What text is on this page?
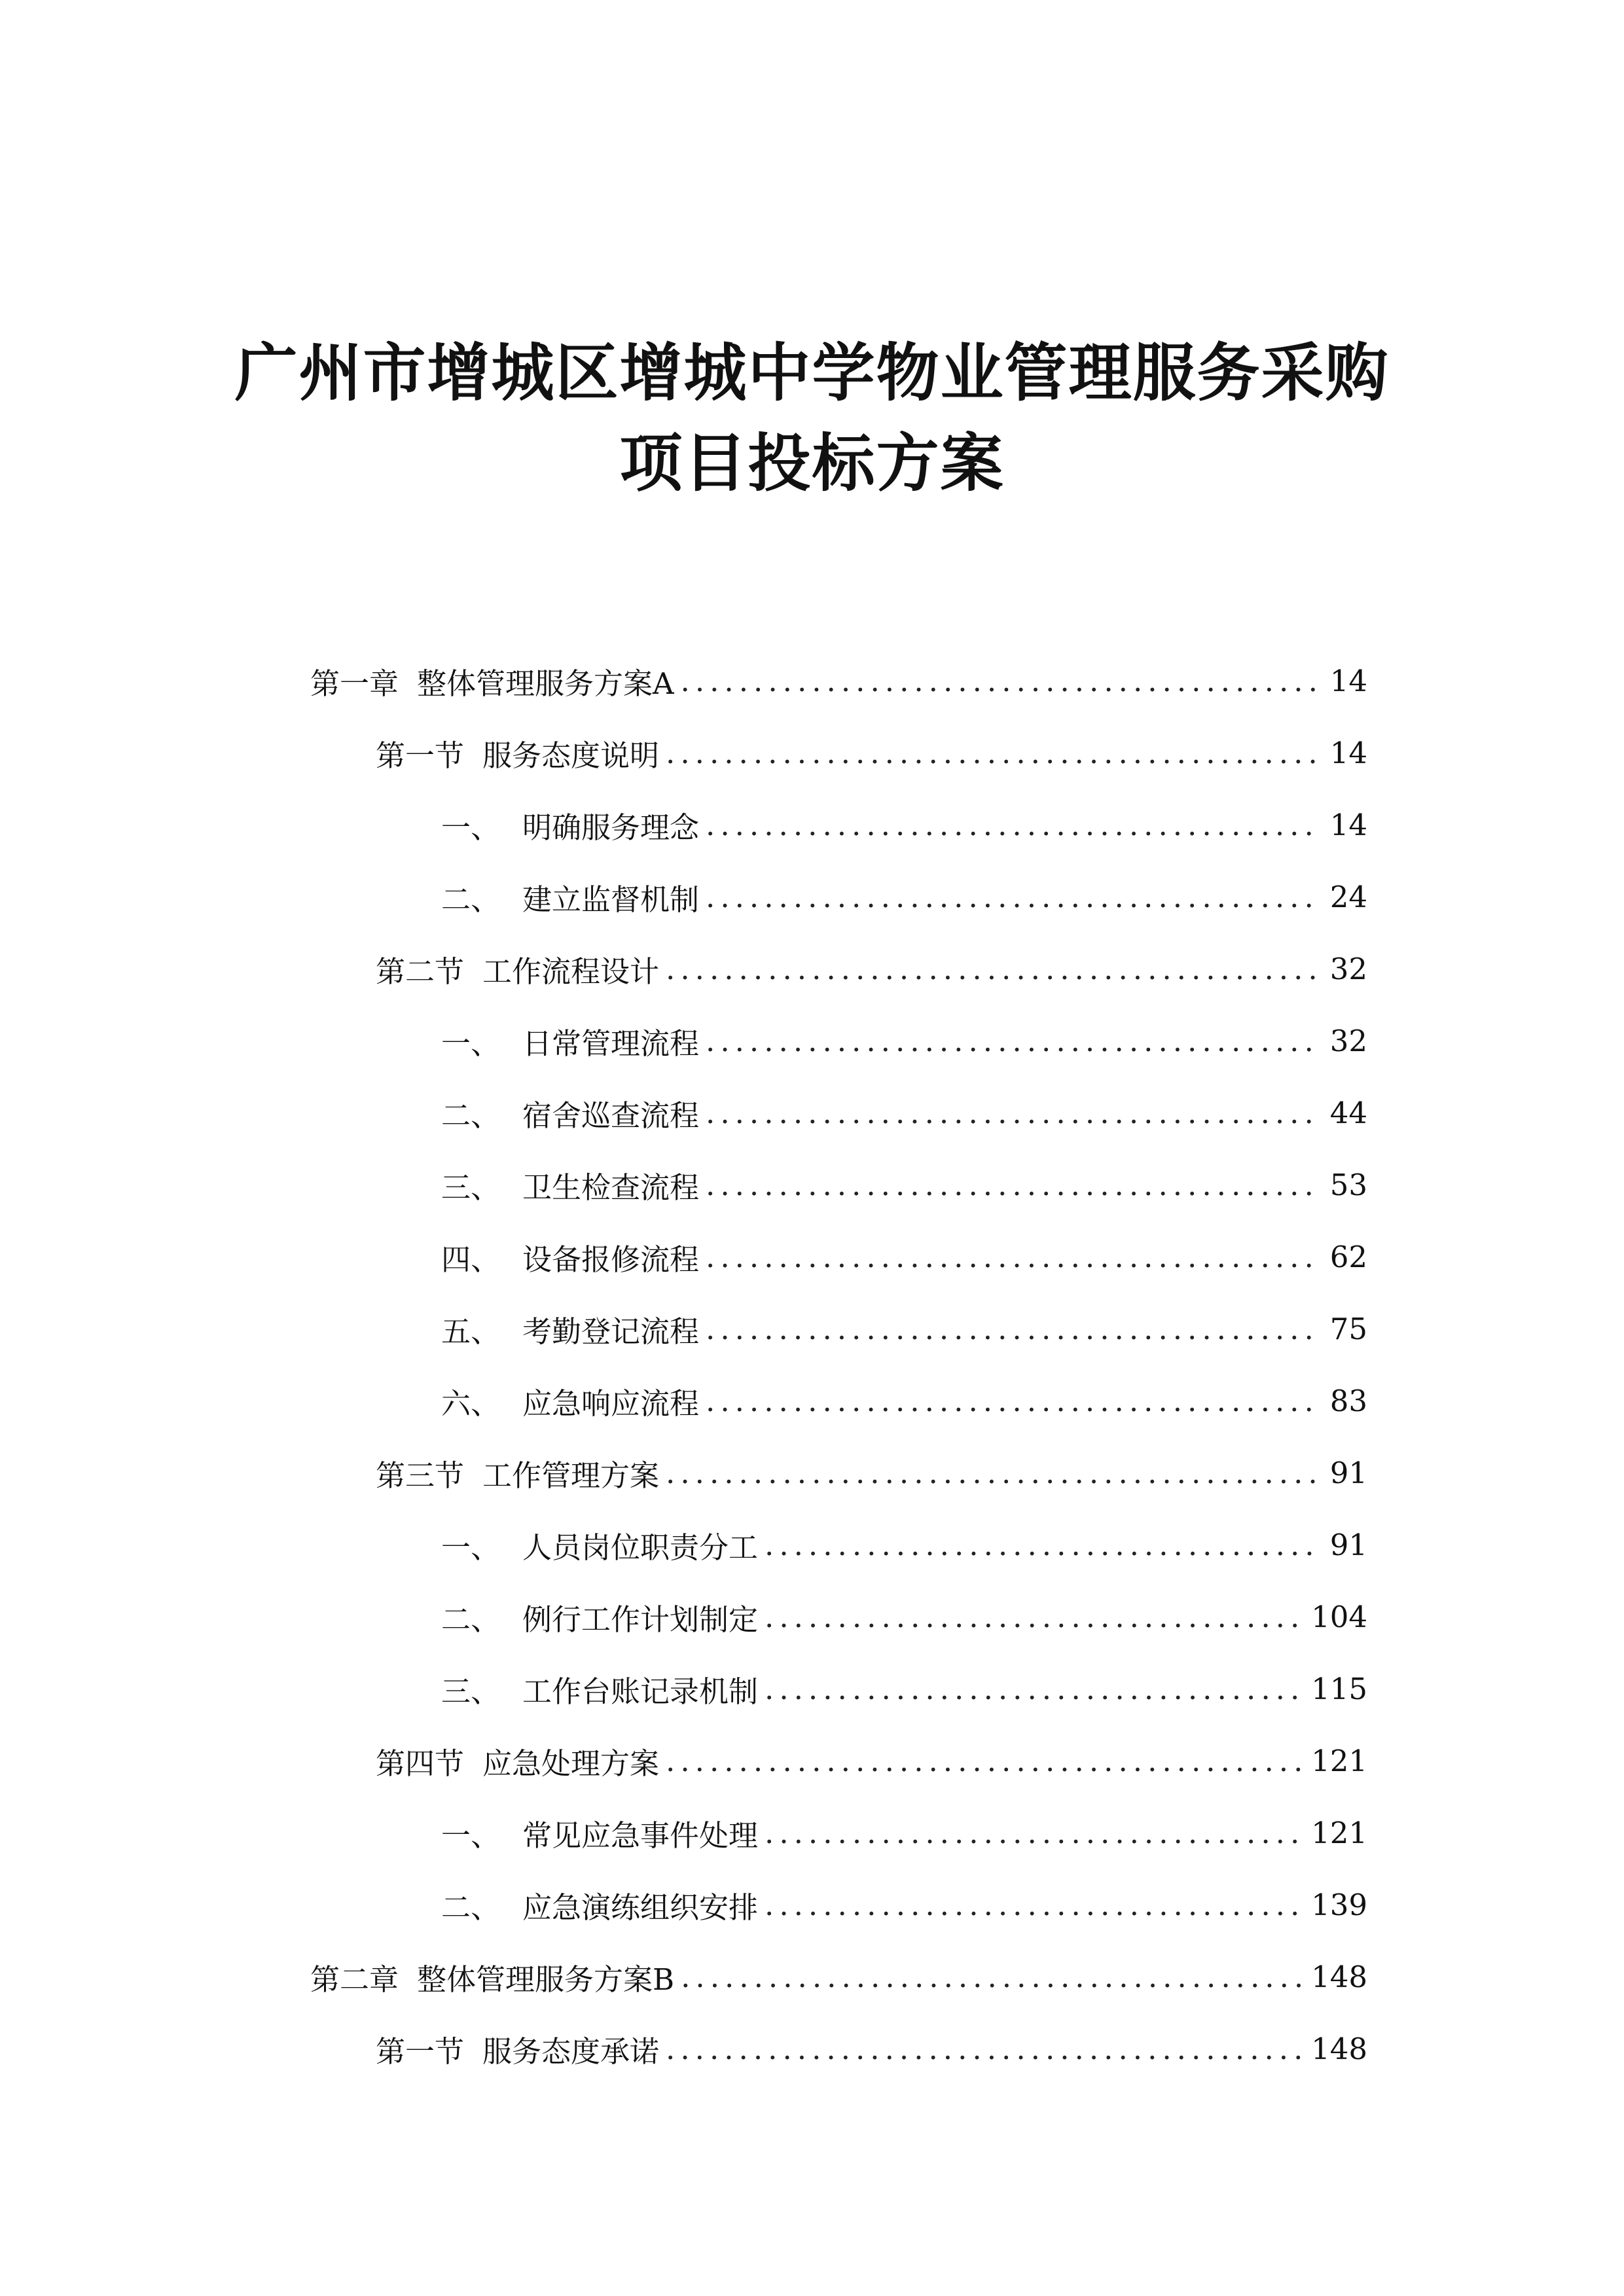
广州市增城区增城中学物业管理服务采购
项目投标方案
第一章 整体管理服务方案A .....	14
第一节 服务态度说明 .....	14
一、 明确服务理念 .....	14
二、 建立监督机制 .....	24
第二节 工作流程设计 .....	32
一、 日常管理流程 .....	32
二、 宿舍巡查流程 .....	44
三、 卫生检查流程 .....	53
四、 设备报修流程 .....	62
五、 考勤登记流程 .....	75
六、 应急响应流程 .....	83
第三节 工作管理方案 .....	91
一、 人员岗位职责分工 .....	91
二、 例行工作计划制定 .....	104
三、 工作台账记录机制 .....	115
第四节 应急处理方案 .....	121
一、 常见应急事件处理 .....	121
二、 应急演练组织安排 .....	139
第二章 整体管理服务方案B .....	148
第一节 服务态度承诺 .....	148
